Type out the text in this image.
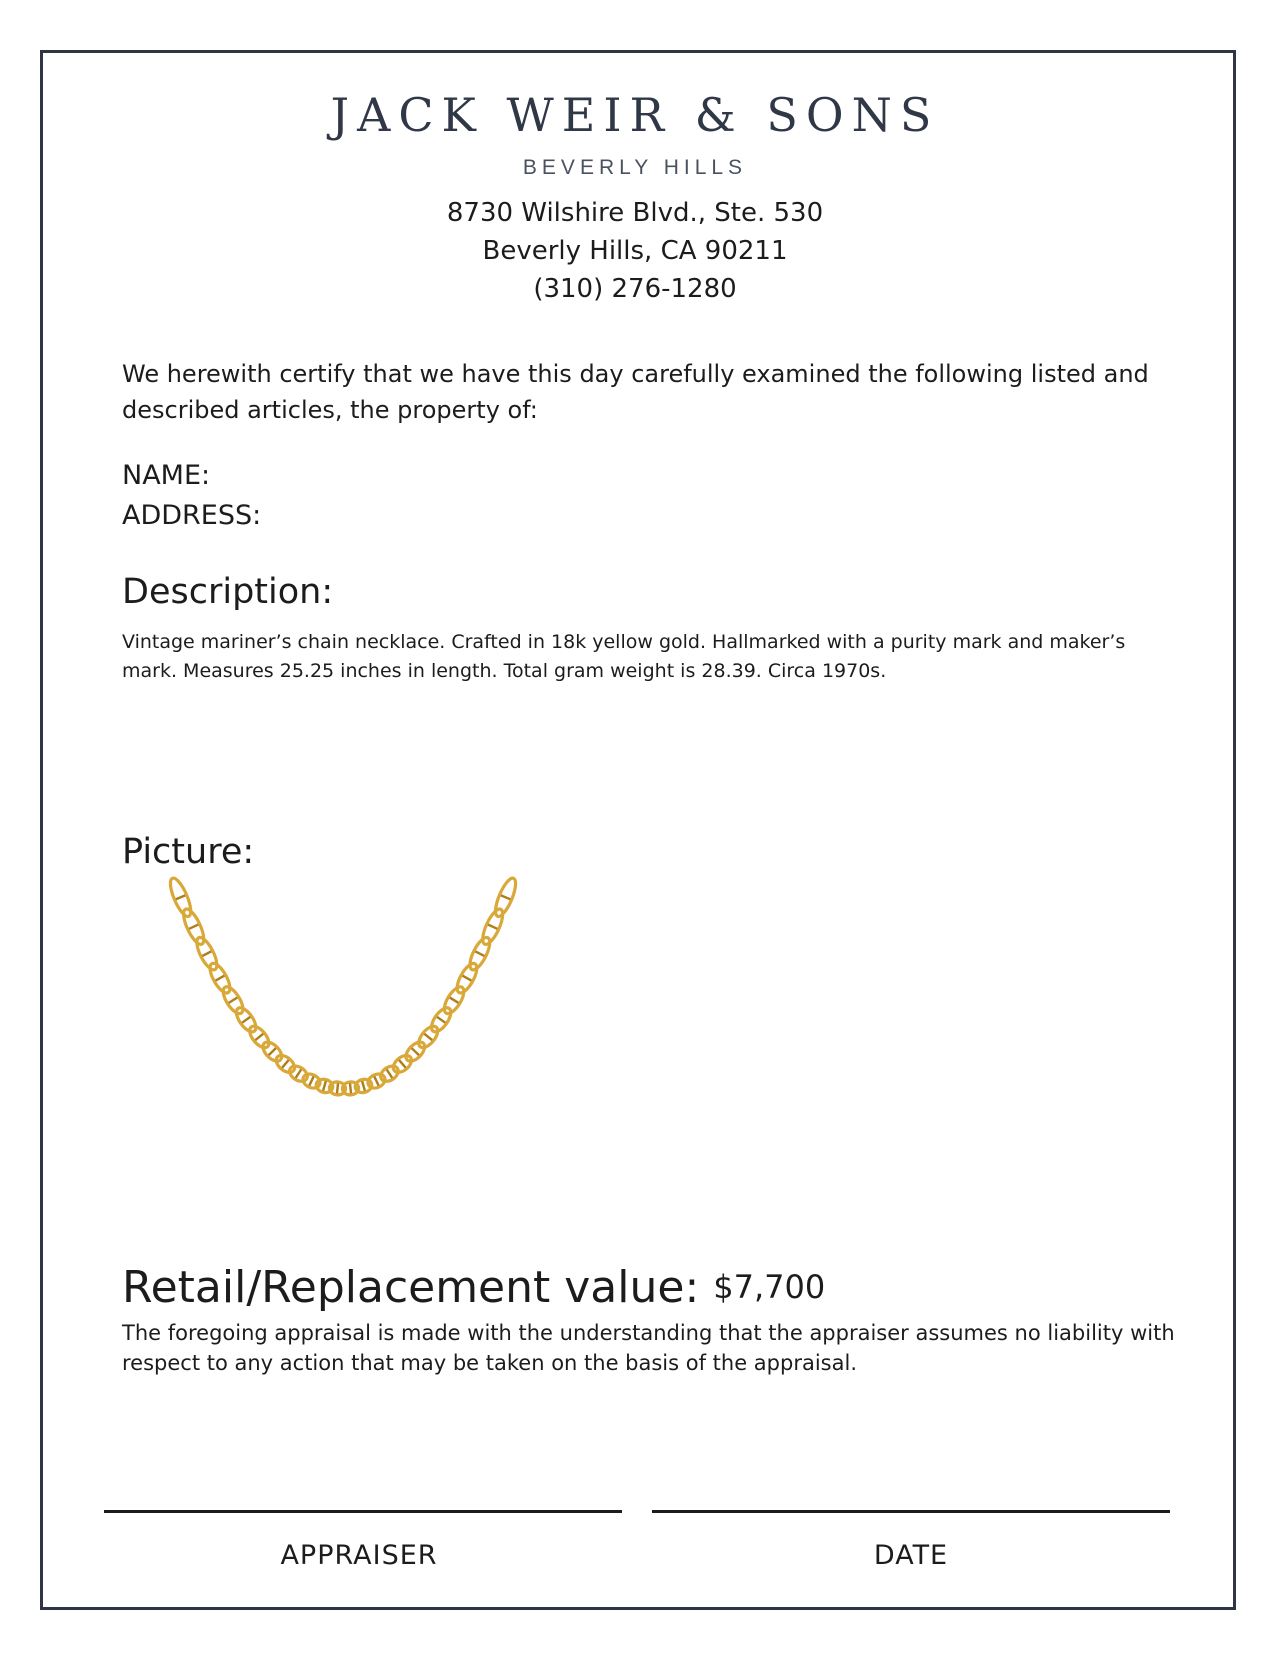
JACK WEIR & SONS
BEVERLY HILLS
8730 Wilshire Blvd., Ste. 530
Beverly Hills, CA 90211
(310) 276-1280
We herewith certify that we have this day carefully examined the following listed and described articles, the property of:
NAME:
ADDRESS:
Description:
Vintage mariner’s chain necklace. Crafted in 18k yellow gold. Hallmarked with a purity mark and maker’s mark. Measures 25.25 inches in length. Total gram weight is 28.39. Circa 1970s.
Picture:
Retail/Replacement value: $7,700
The foregoing appraisal is made with the understanding that the appraiser assumes no liability with respect to any action that may be taken on the basis of the appraisal.
APPRAISER	DATE
